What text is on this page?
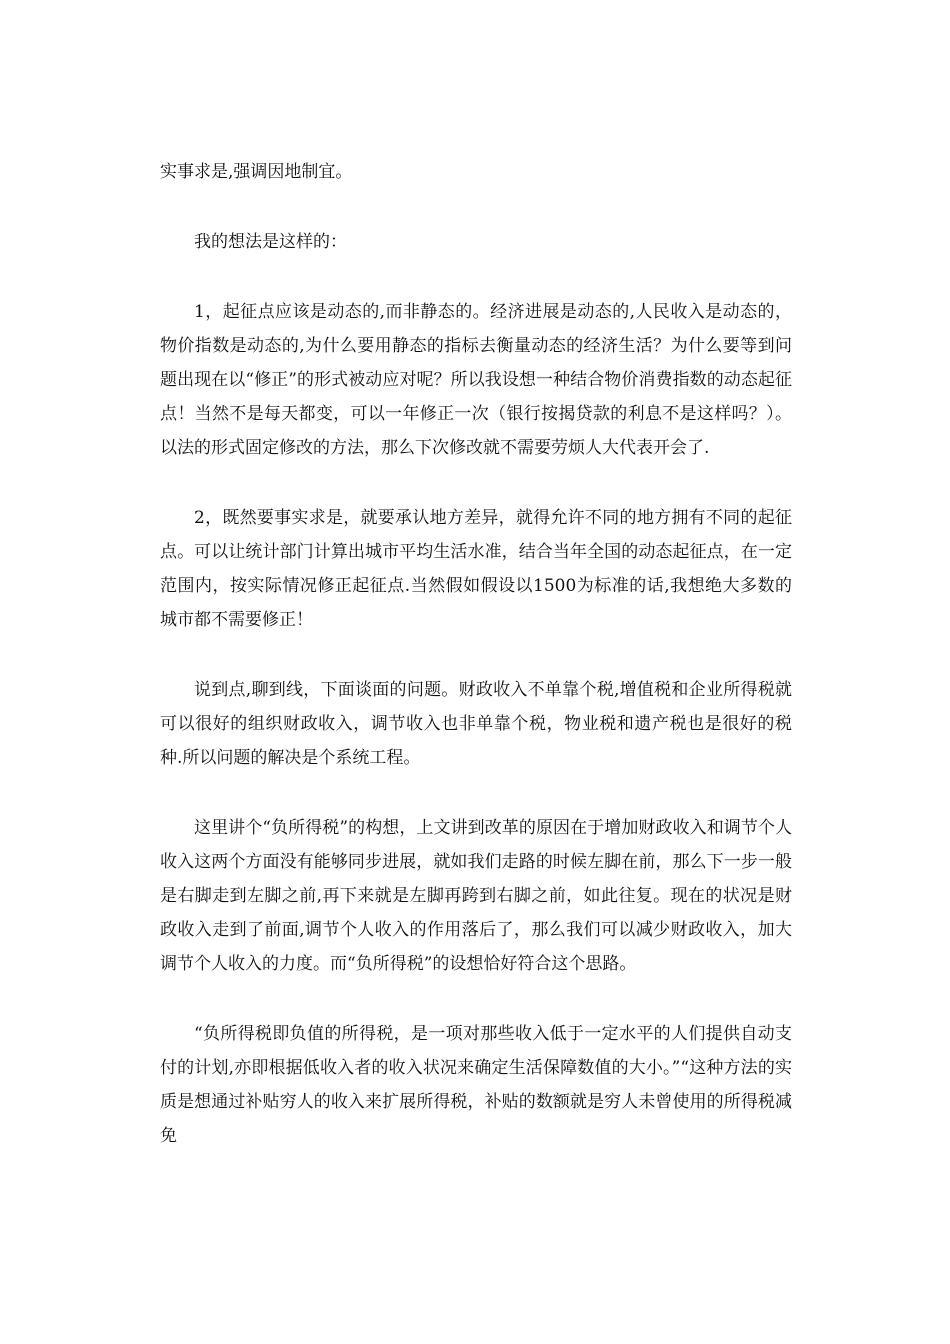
实事求是,强调因地制宜。

我的想法是这样的：

1，起征点应该是动态的,而非静态的。经济进展是动态的,人民收入是动态的，物价指数是动态的,为什么要用静态的指标去衡量动态的经济生活？为什么要等到问题出现在以“修正”的形式被动应对呢？所以我设想一种结合物价消费指数的动态起征点！当然不是每天都变，可以一年修正一次（银行按揭贷款的利息不是这样吗？）。以法的形式固定修改的方法，那么下次修改就不需要劳烦人大代表开会了.

2，既然要事实求是，就要承认地方差异，就得允许不同的地方拥有不同的起征点。可以让统计部门计算出城市平均生活水准，结合当年全国的动态起征点，在一定范围内，按实际情况修正起征点.当然假如假设以1500为标准的话,我想绝大多数的城市都不需要修正！

说到点,聊到线，下面谈面的问题。财政收入不单靠个税,增值税和企业所得税就可以很好的组织财政收入，调节收入也非单靠个税，物业税和遗产税也是很好的税种.所以问题的解决是个系统工程。

这里讲个“负所得税”的构想，上文讲到改革的原因在于增加财政收入和调节个人收入这两个方面没有能够同步进展，就如我们走路的时候左脚在前，那么下一步一般是右脚走到左脚之前,再下来就是左脚再跨到右脚之前，如此往复。现在的状况是财政收入走到了前面,调节个人收入的作用落后了，那么我们可以减少财政收入，加大调节个人收入的力度。而“负所得税”的设想恰好符合这个思路。

“负所得税即负值的所得税，是一项对那些收入低于一定水平的人们提供自动支付的计划,亦即根据低收入者的收入状况来确定生活保障数值的大小。”“这种方法的实质是想通过补贴穷人的收入来扩展所得税，补贴的数额就是穷人未曾使用的所得税减免
